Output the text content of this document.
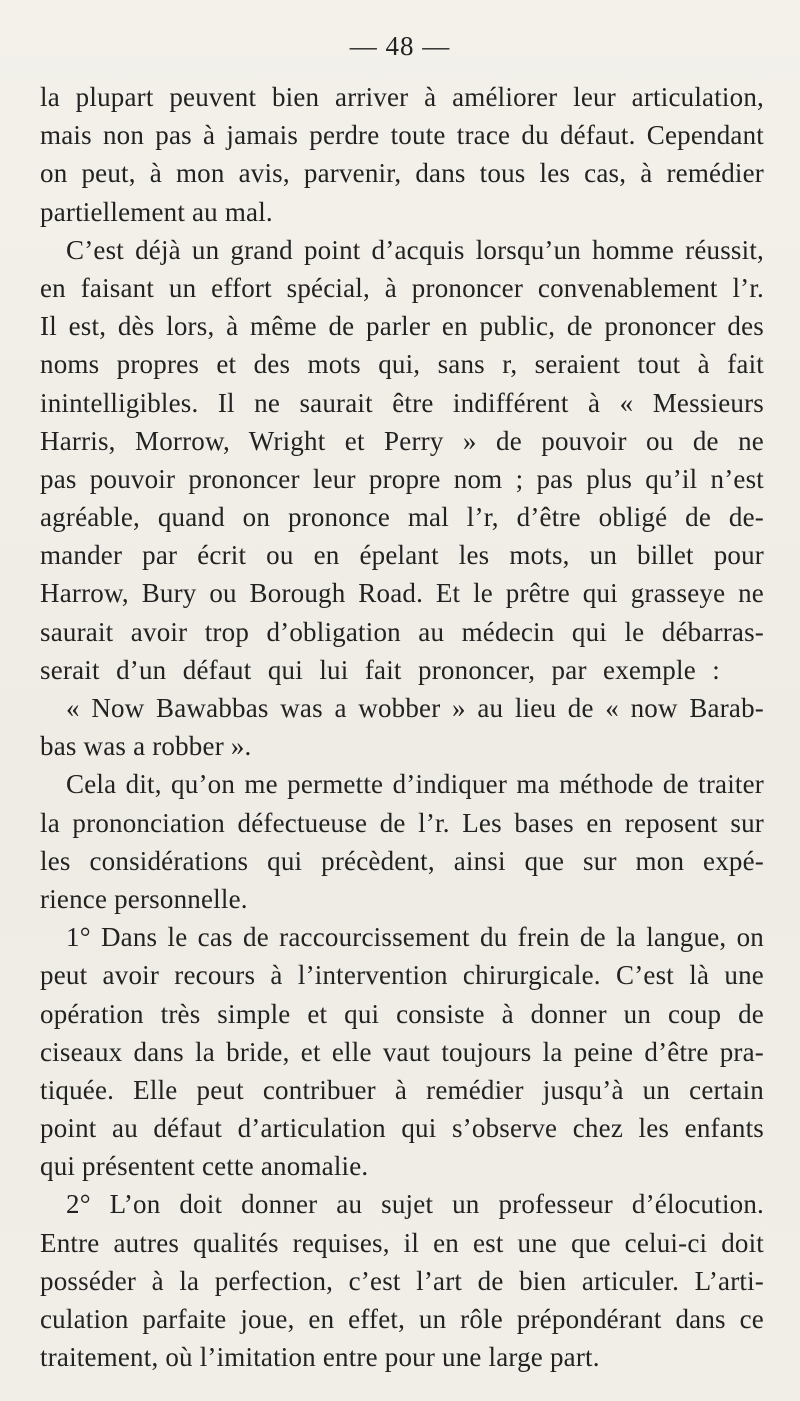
— 48 —
la plupart peuvent bien arriver à améliorer leur articulation,
mais non pas à jamais perdre toute trace du défaut. Cependant
on peut, à mon avis, parvenir, dans tous les cas, à remédier
partiellement au mal.
C’est déjà un grand point d’acquis lorsqu’un homme réussit,
en faisant un effort spécial, à prononcer convenablement l’r.
Il est, dès lors, à même de parler en public, de prononcer des
noms propres et des mots qui, sans r, seraient tout à fait
inintelligibles. Il ne saurait être indifférent à « Messieurs
Harris, Morrow, Wright et Perry » de pouvoir ou de ne
pas pouvoir prononcer leur propre nom ; pas plus qu’il n’est
agréable, quand on prononce mal l’r, d’être obligé de de-
mander par écrit ou en épelant les mots, un billet pour
Harrow, Bury ou Borough Road. Et le prêtre qui grasseye ne
saurait avoir trop d’obligation au médecin qui le débarras-
serait d’un défaut qui lui fait prononcer, par exemple :
« Now Bawabbas was a wobber » au lieu de « now Barab-
bas was a robber ».
Cela dit, qu’on me permette d’indiquer ma méthode de traiter
la prononciation défectueuse de l’r. Les bases en reposent sur
les considérations qui précèdent, ainsi que sur mon expé-
rience personnelle.
1° Dans le cas de raccourcissement du frein de la langue, on
peut avoir recours à l’intervention chirurgicale. C’est là une
opération très simple et qui consiste à donner un coup de
ciseaux dans la bride, et elle vaut toujours la peine d’être pra-
tiquée. Elle peut contribuer à remédier jusqu’à un certain
point au défaut d’articulation qui s’observe chez les enfants
qui présentent cette anomalie.
2° L’on doit donner au sujet un professeur d’élocution.
Entre autres qualités requises, il en est une que celui-ci doit
posséder à la perfection, c’est l’art de bien articuler. L’arti-
culation parfaite joue, en effet, un rôle prépondérant dans ce
traitement, où l’imitation entre pour une large part.
